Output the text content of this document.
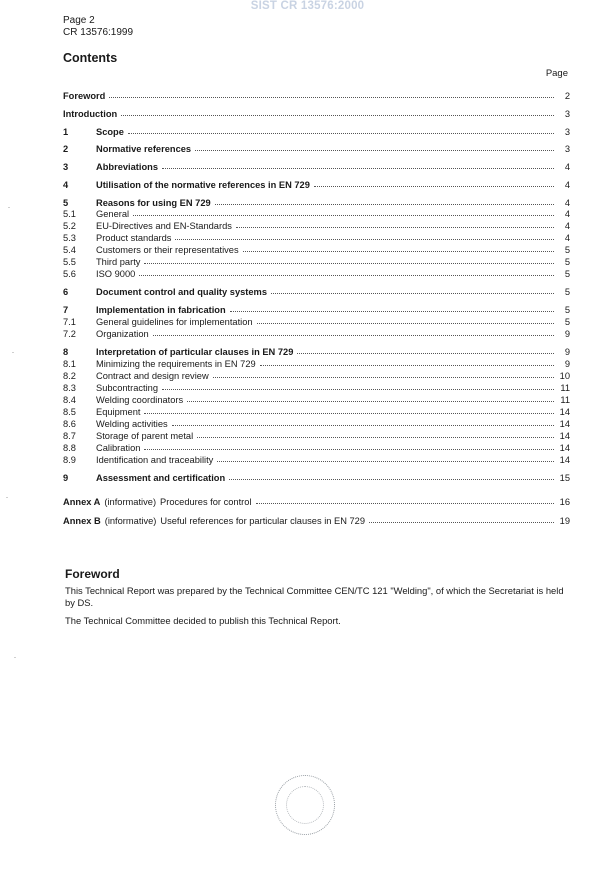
SIST CR 13576:2000
Page 2
CR 13576:1999
Contents
Page
Foreword	2
Introduction	3
1	Scope	3
2	Normative references	3
3	Abbreviations	4
4	Utilisation of the normative references in EN 729	4
5	Reasons for using EN 729	4
5.1	General	4
5.2	EU-Directives and EN-Standards	4
5.3	Product standards	4
5.4	Customers or their representatives	5
5.5	Third party	5
5.6	ISO 9000	5
6	Document control and quality systems	5
7	Implementation in fabrication	5
7.1	General guidelines for implementation	5
7.2	Organization	9
8	Interpretation of particular clauses in EN 729	9
8.1	Minimizing the requirements in EN 729	9
8.2	Contract and design review	10
8.3	Subcontracting	11
8.4	Welding coordinators	11
8.5	Equipment	14
8.6	Welding activities	14
8.7	Storage of parent metal	14
8.8	Calibration	14
8.9	Identification and traceability	14
9	Assessment and certification	15
Annex A (informative) Procedures for control	16
Annex B (informative) Useful references for particular clauses in EN 729	19
Foreword
This Technical Report was prepared by the Technical Committee CEN/TC 121 "Welding", of which the Secretariat is held by DS.
The Technical Committee decided to publish this Technical Report.
